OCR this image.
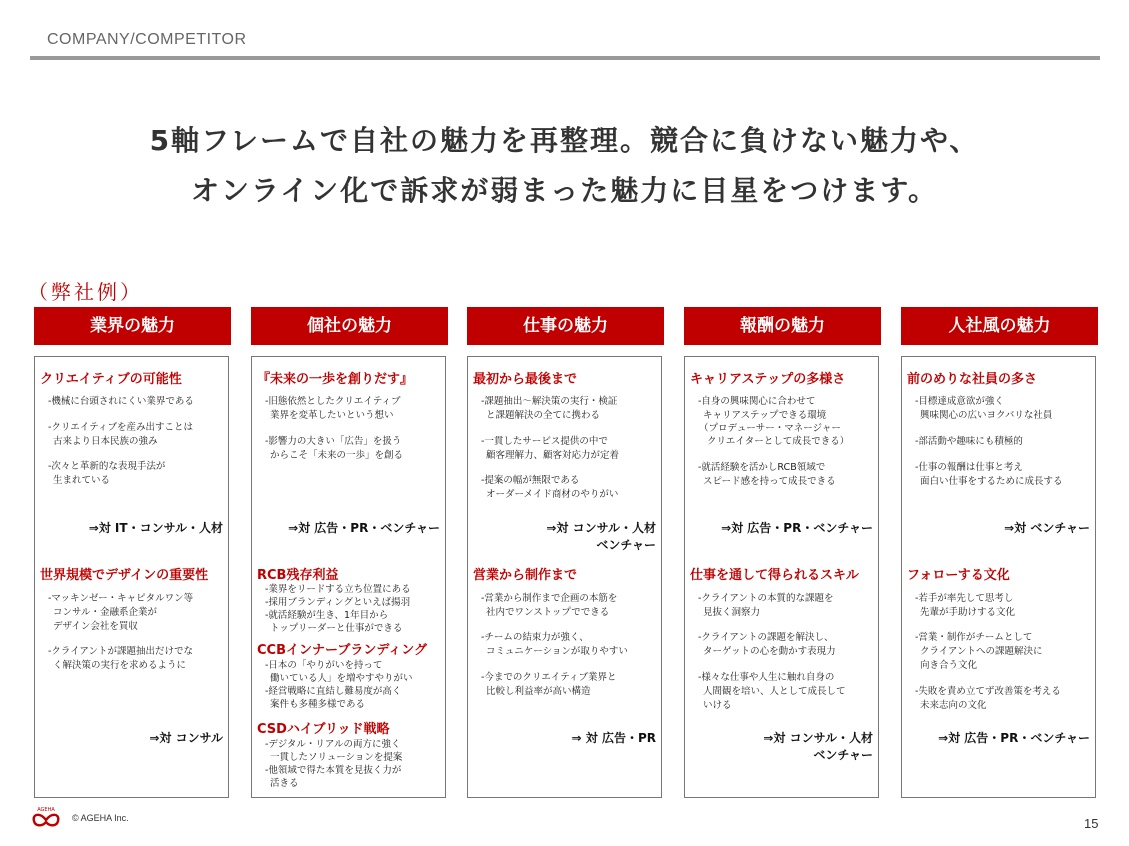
COMPANY/COMPETITOR
5軸フレームで自社の魅力を再整理。競合に負けない魅力や、
オンライン化で訴求が弱まった魅力に目星をつけます。
（弊社例）
業界の魅力
クリエイティブの可能性
-機械に台頭されにくい業界である
-クリエイティブを産み出すことは
古来より日本民族の強み
-次々と革新的な表現手法が
生まれている
⇒対 IT・コンサル・人材
世界規模でデザインの重要性
-マッキンゼー・キャピタルワン等
コンサル・金融系企業が
デザイン会社を買収
-クライアントが課題抽出だけでな
く解決策の実行を求めるように
⇒対 コンサル
個社の魅力
『未来の一歩を創りだす』
-旧態依然としたクリエイティブ
業界を変革したいという想い
-影響力の大きい「広告」を扱う
からこそ「未来の一歩」を創る
⇒対 広告・PR・ベンチャー
RCB残存利益
-業界をリードする立ち位置にある
-採用ブランディングといえば揚羽
-就活経験が生き、1年目から
トップリーダーと仕事ができる
CCBインナーブランディング
-日本の「やりがいを持って
働いている人」を増やすやりがい
-経営戦略に直結し難易度が高く
案件も多種多様である
CSDハイブリッド戦略
-デジタル・リアルの両方に強く
一貫したソリューションを提案
-他領域で得た本質を見抜く力が
活きる
仕事の魅力
最初から最後まで
-課題抽出～解決策の実行・検証
と課題解決の全てに携わる
-一貫したサービス提供の中で
顧客理解力、顧客対応力が定着
-提案の幅が無限である
オーダーメイド商材のやりがい
⇒対 コンサル・人材
ベンチャー
営業から制作まで
-営業から制作まで企画の本筋を
社内でワンストップでできる
-チームの結束力が強く、
コミュニケーションが取りやすい
-今までのクリエイティブ業界と
比較し利益率が高い構造
⇒ 対 広告・PR
報酬の魅力
キャリアステップの多様さ
-自身の興味関心に合わせて
キャリアステップできる環境
（プロデューサー・マネージャー
クリエイターとして成長できる）
-就活経験を活かしRCB領域で
スピード感を持って成長できる
⇒対 広告・PR・ベンチャー
仕事を通して得られるスキル
-クライアントの本質的な課題を
見抜く洞察力
-クライアントの課題を解決し、
ターゲットの心を動かす表現力
-様々な仕事や人生に触れ自身の
人間観を培い、人として成長して
いける
⇒対 コンサル・人材
ベンチャー
人社風の魅力
前のめりな社員の多さ
-目標達成意欲が強く
興味関心の広いヨクバリな社員
-部活動や趣味にも積極的
-仕事の報酬は仕事と考え
面白い仕事をするために成長する
⇒対 ベンチャー
フォローする文化
-若手が率先して思考し
先輩が手助けする文化
-営業・制作がチームとして
クライアントへの課題解決に
向き合う文化
-失敗を責め立てず改善策を考える
未来志向の文化
⇒対 広告・PR・ベンチャー
AGEHA
© AGEHA Inc.	15
